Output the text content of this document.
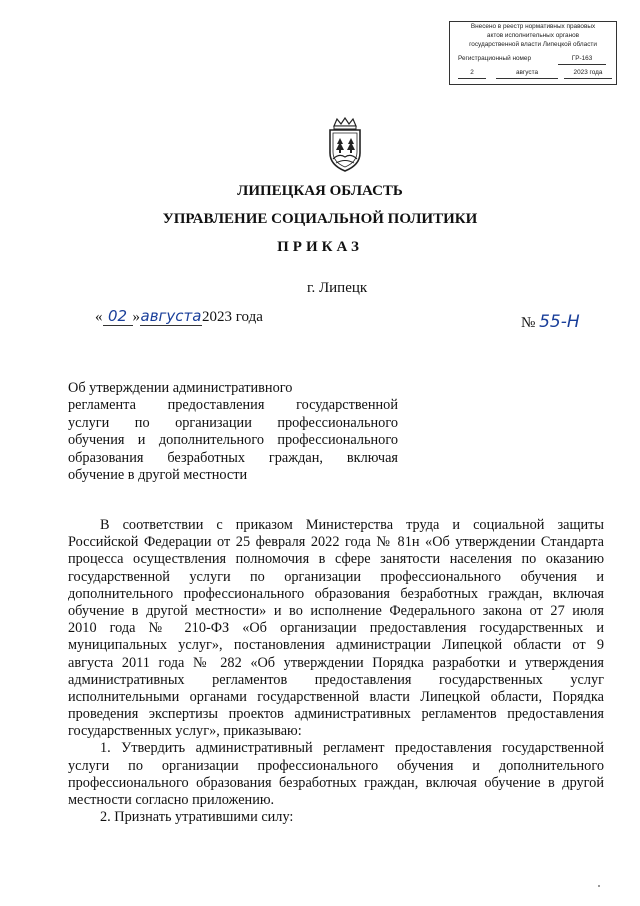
Внесено в реестр нормативных правовых
актов исполнительных органов
государственной власти Липецкой области
Регистрационный номер	ГР-163
2	августа	2023 года
ЛИПЕЦКАЯ ОБЛАСТЬ
УПРАВЛЕНИЕ СОЦИАЛЬНОЙ ПОЛИТИКИ
ПРИКАЗ
г. Липецк
« 02 »августа2023 года	№ 55-Н
Об утверждении административного
регламента предоставления государственной
услуги по организации профессионального
обучения и дополнительного профессионального
образования безработных граждан, включая
обучение в другой местности
В соответствии с приказом Министерства труда и социальной защиты
Российской Федерации от 25 февраля 2022 года № 81н «Об утверждении Стандарта
процесса осуществления полномочия в сфере занятости населения по оказанию
государственной услуги по организации профессионального обучения и
дополнительного профессионального образования безработных граждан, включая
обучение в другой местности» и во исполнение Федерального закона от 27 июля
2010 года № 210-ФЗ «Об организации предоставления государственных и
муниципальных услуг», постановления администрации Липецкой области от 9
августа 2011 года № 282 «Об утверждении Порядка разработки и утверждения
административных регламентов предоставления государственных услуг
исполнительными органами государственной власти Липецкой области, Порядка
проведения экспертизы проектов административных регламентов предоставления
государственных услуг», приказываю:
1. Утвердить административный регламент предоставления государственной
услуги по организации профессионального обучения и дополнительного
профессионального образования безработных граждан, включая обучение в другой
местности согласно приложению.
2. Признать утратившими силу:
